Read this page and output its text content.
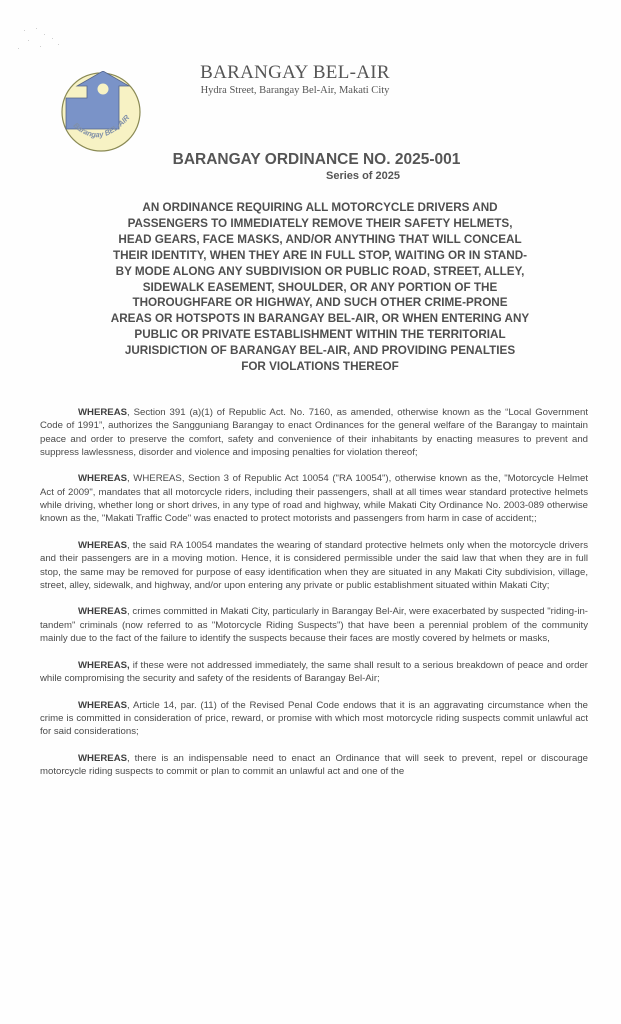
Barangay BEL-AIR
BARANGAY BEL-AIR
Hydra Street, Barangay Bel-Air, Makati City
BARANGAY ORDINANCE NO. 2025-001
Series of 2025
AN ORDINANCE REQUIRING ALL MOTORCYCLE DRIVERS AND
PASSENGERS TO IMMEDIATELY REMOVE THEIR SAFETY HELMETS,
HEAD GEARS, FACE MASKS, AND/OR ANYTHING THAT WILL CONCEAL
THEIR IDENTITY, WHEN THEY ARE IN FULL STOP, WAITING OR IN STAND-
BY MODE ALONG ANY SUBDIVISION OR PUBLIC ROAD, STREET, ALLEY,
SIDEWALK EASEMENT, SHOULDER, OR ANY PORTION OF THE
THOROUGHFARE OR HIGHWAY, AND SUCH OTHER CRIME-PRONE
AREAS OR HOTSPOTS IN BARANGAY BEL-AIR, OR WHEN ENTERING ANY
PUBLIC OR PRIVATE ESTABLISHMENT WITHIN THE TERRITORIAL
JURISDICTION OF BARANGAY BEL-AIR, AND PROVIDING PENALTIES
FOR VIOLATIONS THEREOF

WHEREAS, Section 391 (a)(1) of Republic Act. No. 7160, as amended, otherwise known as the “Local Government Code of 1991”, authorizes the Sangguniang Barangay to enact Ordinances for the general welfare of the Barangay to maintain peace and order to preserve the comfort, safety and convenience of their inhabitants by enacting measures to prevent and suppress lawlessness, disorder and violence and imposing penalties for violation thereof;

WHEREAS, WHEREAS, Section 3 of Republic Act 10054 ("RA 10054"), otherwise known as the, "Motorcycle Helmet Act of 2009", mandates that all motorcycle riders, including their passengers, shall at all times wear standard protective helmets while driving, whether long or short drives, in any type of road and highway, while Makati City Ordinance No. 2003-089 otherwise known as the, "Makati Traffic Code" was enacted to protect motorists and passengers from harm in case of accident;;

WHEREAS, the said RA 10054 mandates the wearing of standard protective helmets only when the motorcycle drivers and their passengers are in a moving motion. Hence, it is considered permissible under the said law that when they are in full stop, the same may be removed for purpose of easy identification when they are situated in any Makati City subdivision, village, street, alley, sidewalk, and highway, and/or upon entering any private or public establishment situated within Makati City;

WHEREAS, crimes committed in Makati City, particularly in Barangay Bel-Air, were exacerbated by suspected "riding-in-tandem" criminals (now referred to as "Motorcycle Riding Suspects") that have been a perennial problem of the community mainly due to the fact of the failure to identify the suspects because their faces are mostly covered by helmets or masks,

WHEREAS, if these were not addressed immediately, the same shall result to a serious breakdown of peace and order while compromising the security and safety of the residents of Barangay Bel-Air;

WHEREAS, Article 14, par. (11) of the Revised Penal Code endows that it is an aggravating circumstance when the crime is committed in consideration of price, reward, or promise with which most motorcycle riding suspects commit unlawful act for said considerations;

WHEREAS, there is an indispensable need to enact an Ordinance that will seek to prevent, repel or discourage motorcycle riding suspects to commit or plan to commit an unlawful act and one of the
